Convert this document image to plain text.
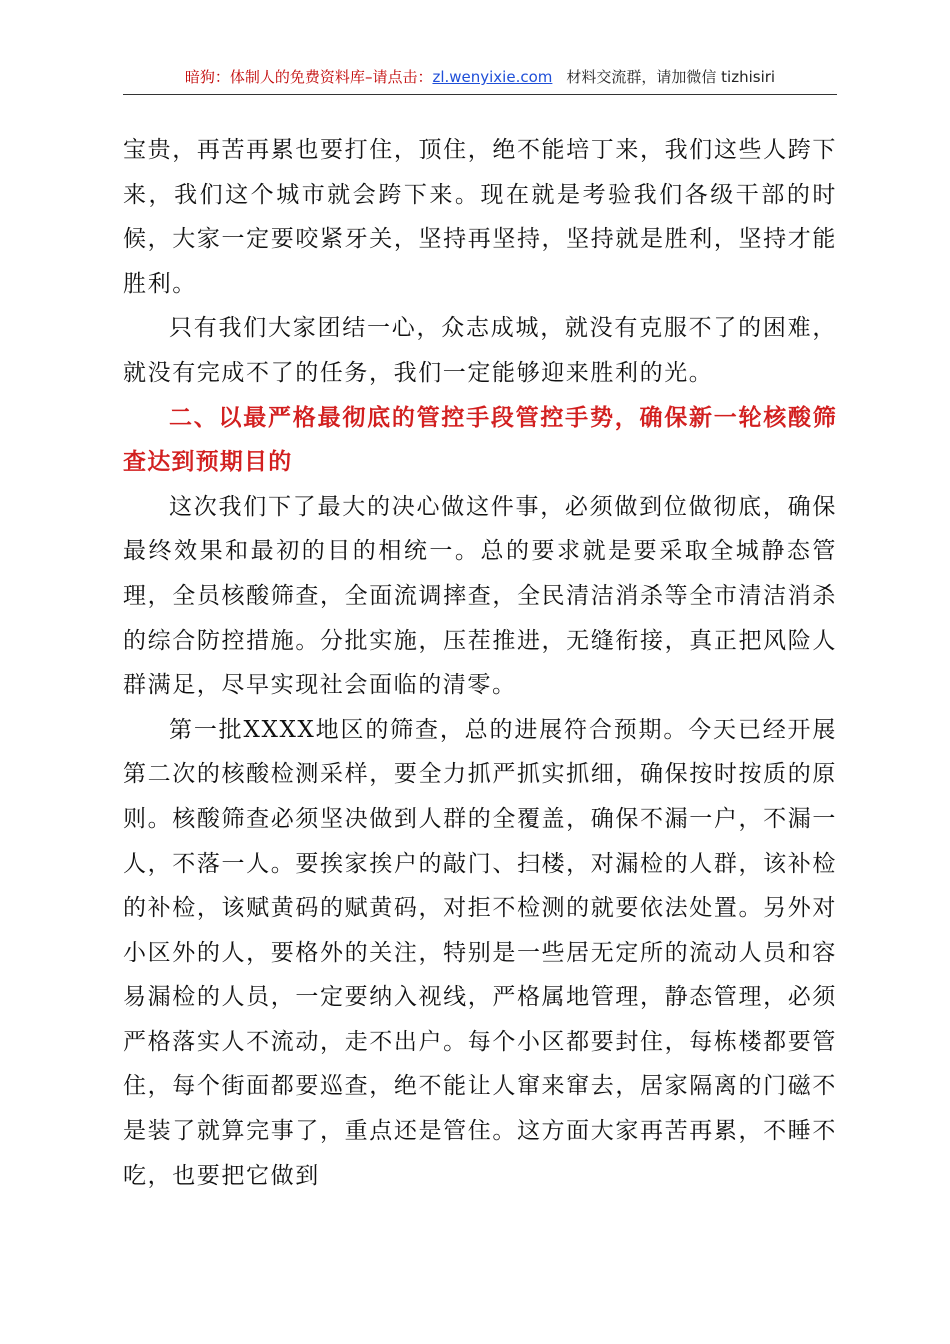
暗狗：体制人的免费资料库–请点击：zl.wenyixie.com 材料交流群，请加微信 tizhisiri

宝贵，再苦再累也要打住，顶住，绝不能培丁来，我们这些人跨下来，我们这个城市就会跨下来。现在就是考验我们各级干部的时候，大家一定要咬紧牙关，坚持再坚持，坚持就是胜利，坚持才能胜利。

只有我们大家团结一心，众志成城，就没有克服不了的困难，就没有完成不了的任务，我们一定能够迎来胜利的光。

二、以最严格最彻底的管控手段管控手势，确保新一轮核酸筛查达到预期目的

这次我们下了最大的决心做这件事，必须做到位做彻底，确保最终效果和最初的目的相统一。总的要求就是要采取全城静态管理，全员核酸筛查，全面流调摔查，全民清洁消杀等全市清洁消杀的综合防控措施。分批实施，压茬推进，无缝衔接，真正把风险人群满足，尽早实现社会面临的清零。

第一批XXXX地区的筛查，总的进展符合预期。今天已经开展第二次的核酸检测采样，要全力抓严抓实抓细，确保按时按质的原则。核酸筛查必须坚决做到人群的全覆盖，确保不漏一户，不漏一人，不落一人。要挨家挨户的敲门、扫楼，对漏检的人群，该补检的补检，该赋黄码的赋黄码，对拒不检测的就要依法处置。另外对小区外的人，要格外的关注，特别是一些居无定所的流动人员和容易漏检的人员，一定要纳入视线，严格属地管理，静态管理，必须严格落实人不流动，走不出户。每个小区都要封住，每栋楼都要管住，每个街面都要巡查，绝不能让人窜来窜去，居家隔离的门磁不是装了就算完事了，重点还是管住。这方面大家再苦再累，不睡不吃，也要把它做到
